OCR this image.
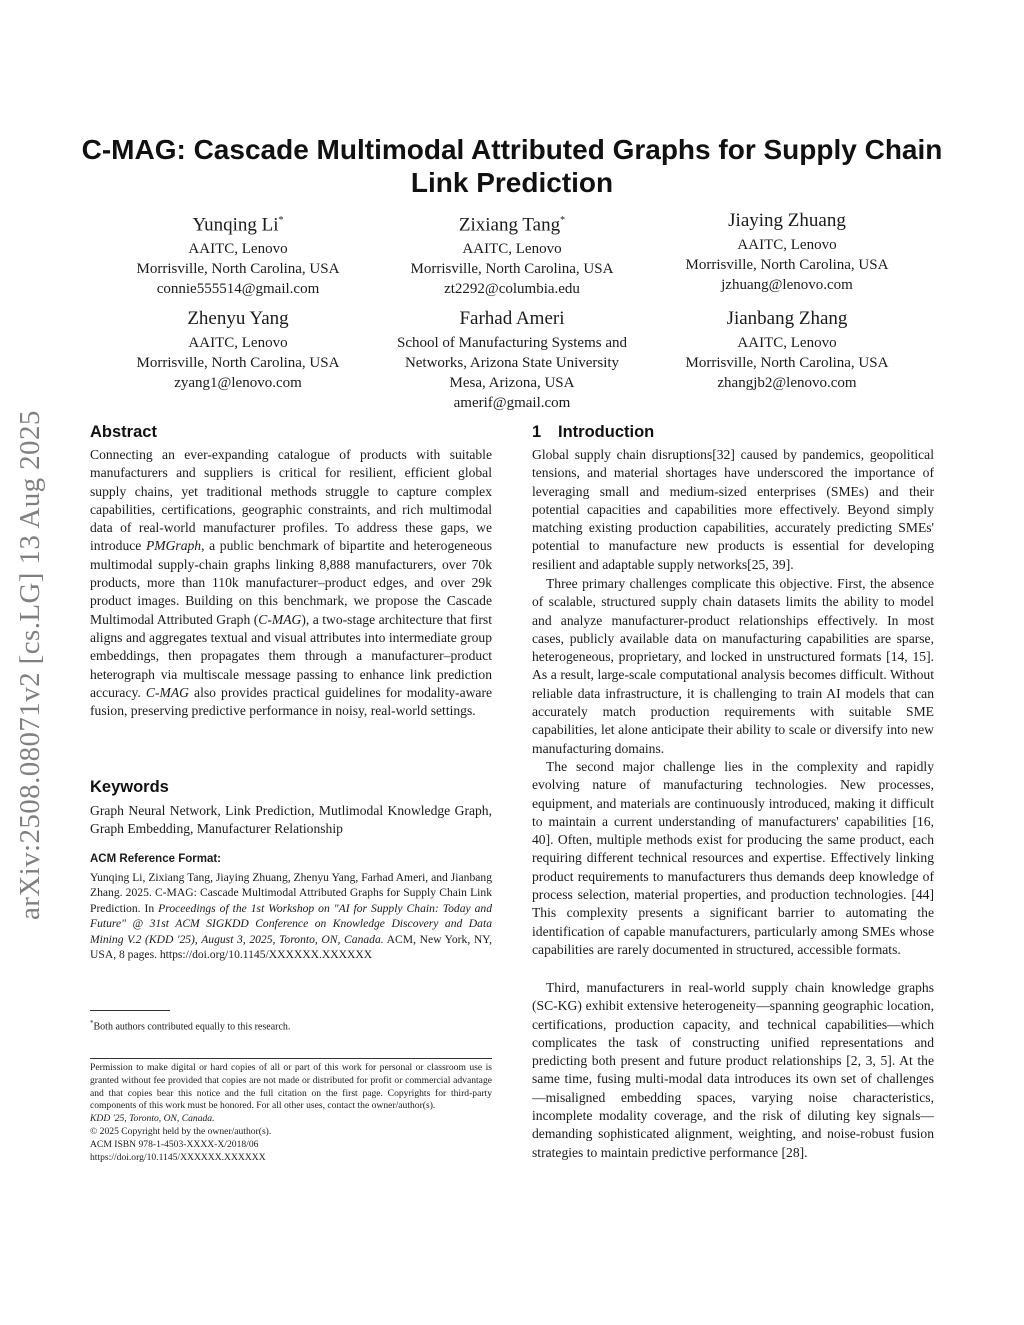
arXiv:2508.08071v2 [cs.LG] 13 Aug 2025
C-MAG: Cascade Multimodal Attributed Graphs for Supply Chain Link Prediction
Yunqing Li*
AAITC, Lenovo
Morrisville, North Carolina, USA
connie555514@gmail.com
Zixiang Tang*
AAITC, Lenovo
Morrisville, North Carolina, USA
zt2292@columbia.edu
Jiaying Zhuang
AAITC, Lenovo
Morrisville, North Carolina, USA
jzhuang@lenovo.com
Zhenyu Yang
AAITC, Lenovo
Morrisville, North Carolina, USA
zyang1@lenovo.com
Farhad Ameri
School of Manufacturing Systems and
Networks, Arizona State University
Mesa, Arizona, USA
amerif@gmail.com
Jianbang Zhang
AAITC, Lenovo
Morrisville, North Carolina, USA
zhangjb2@lenovo.com
Abstract

Connecting an ever-expanding catalogue of products with suitable manufacturers and suppliers is critical for resilient, efficient global supply chains, yet traditional methods struggle to capture complex capabilities, certifications, geographic constraints, and rich multimodal data of real-world manufacturer profiles. To address these gaps, we introduce PMGraph, a public benchmark of bipartite and heterogeneous multimodal supply-chain graphs linking 8,888 manufacturers, over 70k products, more than 110k manufacturer–product edges, and over 29k product images. Building on this benchmark, we propose the Cascade Multimodal Attributed Graph (C-MAG), a two-stage architecture that first aligns and aggregates textual and visual attributes into intermediate group embeddings, then propagates them through a manufacturer–product heterograph via multiscale message passing to enhance link prediction accuracy. C-MAG also provides practical guidelines for modality-aware fusion, preserving predictive performance in noisy, real-world settings.

Keywords

Graph Neural Network, Link Prediction, Mutlimodal Knowledge Graph, Graph Embedding, Manufacturer Relationship

ACM Reference Format:

Yunqing Li, Zixiang Tang, Jiaying Zhuang, Zhenyu Yang, Farhad Ameri, and Jianbang Zhang. 2025. C-MAG: Cascade Multimodal Attributed Graphs for Supply Chain Link Prediction. In Proceedings of the 1st Workshop on "AI for Supply Chain: Today and Future" @ 31st ACM SIGKDD Conference on Knowledge Discovery and Data Mining V.2 (KDD '25), August 3, 2025, Toronto, ON, Canada. ACM, New York, NY, USA, 8 pages. https://doi.org/10.1145/XXXXXX.XXXXXX

*Both authors contributed equally to this research.

Permission to make digital or hard copies of all or part of this work for personal or classroom use is granted without fee provided that copies are not made or distributed for profit or commercial advantage and that copies bear this notice and the full citation on the first page. Copyrights for third-party components of this work must be honored. For all other uses, contact the owner/author(s).
KDD '25, Toronto, ON, Canada.
© 2025 Copyright held by the owner/author(s).
ACM ISBN 978-1-4503-XXXX-X/2018/06
https://doi.org/10.1145/XXXXXX.XXXXXX

1 Introduction

Global supply chain disruptions[32] caused by pandemics, geopolitical tensions, and material shortages have underscored the importance of leveraging small and medium-sized enterprises (SMEs) and their potential capacities and capabilities more effectively. Beyond simply matching existing production capabilities, accurately predicting SMEs' potential to manufacture new products is essential for developing resilient and adaptable supply networks[25, 39].

Three primary challenges complicate this objective. First, the absence of scalable, structured supply chain datasets limits the ability to model and analyze manufacturer-product relationships effectively. In most cases, publicly available data on manufacturing capabilities are sparse, heterogeneous, proprietary, and locked in unstructured formats [14, 15]. As a result, large-scale computational analysis becomes difficult. Without reliable data infrastructure, it is challenging to train AI models that can accurately match production requirements with suitable SME capabilities, let alone anticipate their ability to scale or diversify into new manufacturing domains.

The second major challenge lies in the complexity and rapidly evolving nature of manufacturing technologies. New processes, equipment, and materials are continuously introduced, making it difficult to maintain a current understanding of manufacturers' capabilities [16, 40]. Often, multiple methods exist for producing the same product, each requiring different technical resources and expertise. Effectively linking product requirements to manufacturers thus demands deep knowledge of process selection, material properties, and production technologies. [44] This complexity presents a significant barrier to automating the identification of capable manufacturers, particularly among SMEs whose capabilities are rarely documented in structured, accessible formats.

Third, manufacturers in real-world supply chain knowledge graphs (SC-KG) exhibit extensive heterogeneity—spanning geographic location, certifications, production capacity, and technical capabilities—which complicates the task of constructing unified representations and predicting both present and future product relationships [2, 3, 5]. At the same time, fusing multi-modal data introduces its own set of challenges—misaligned embedding spaces, varying noise characteristics, incomplete modality coverage, and the risk of diluting key signals—demanding sophisticated alignment, weighting, and noise-robust fusion strategies to maintain predictive performance [28].
